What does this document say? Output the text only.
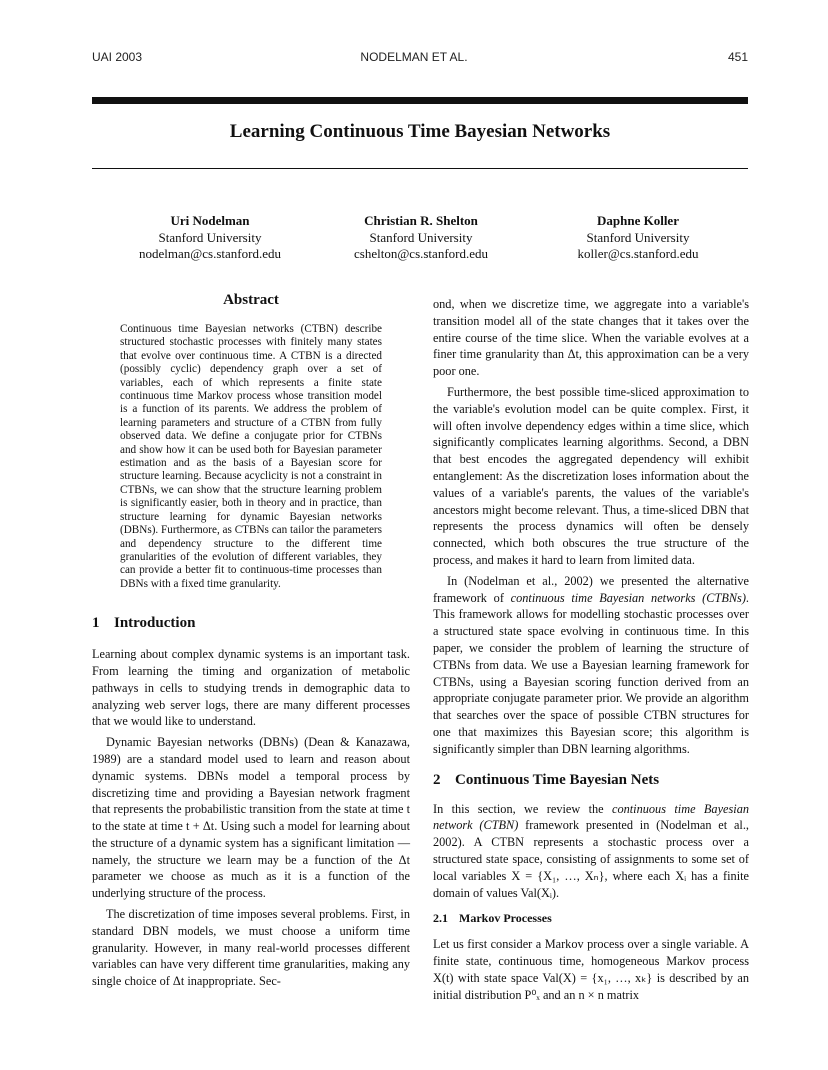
UAI 2003	NODELMAN ET AL.	451
Learning Continuous Time Bayesian Networks
Uri Nodelman
Stanford University
nodelman@cs.stanford.edu
Christian R. Shelton
Stanford University
cshelton@cs.stanford.edu
Daphne Koller
Stanford University
koller@cs.stanford.edu
Abstract

Continuous time Bayesian networks (CTBN) describe structured stochastic processes with finitely many states that evolve over continuous time. A CTBN is a directed (possibly cyclic) dependency graph over a set of variables, each of which represents a finite state continuous time Markov process whose transition model is a function of its parents. We address the problem of learning parameters and structure of a CTBN from fully observed data. We define a conjugate prior for CTBNs and show how it can be used both for Bayesian parameter estimation and as the basis of a Bayesian score for structure learning. Because acyclicity is not a constraint in CTBNs, we can show that the structure learning problem is significantly easier, both in theory and in practice, than structure learning for dynamic Bayesian networks (DBNs). Furthermore, as CTBNs can tailor the parameters and dependency structure to the different time granularities of the evolution of different variables, they can provide a better fit to continuous-time processes than DBNs with a fixed time granularity.

1 Introduction

Learning about complex dynamic systems is an important task. From learning the timing and organization of metabolic pathways in cells to studying trends in demographic data to analyzing web server logs, there are many different processes that we would like to understand.

Dynamic Bayesian networks (DBNs) (Dean & Kanazawa, 1989) are a standard model used to learn and reason about dynamic systems. DBNs model a temporal process by discretizing time and providing a Bayesian network fragment that represents the probabilistic transition from the state at time t to the state at time t + Δt. Using such a model for learning about the structure of a dynamic system has a significant limitation — namely, the structure we learn may be a function of the Δt parameter we choose as much as it is a function of the underlying structure of the process.

The discretization of time imposes several problems. First, in standard DBN models, we must choose a uniform time granularity. However, in many real-world processes different variables can have very different time granularities, making any single choice of Δt inappropriate. Sec-

ond, when we discretize time, we aggregate into a variable's transition model all of the state changes that it takes over the entire course of the time slice. When the variable evolves at a finer time granularity than Δt, this approximation can be a very poor one.

Furthermore, the best possible time-sliced approximation to the variable's evolution model can be quite complex. First, it will often involve dependency edges within a time slice, which significantly complicates learning algorithms. Second, a DBN that best encodes the aggregated dependency will exhibit entanglement: As the discretization loses information about the values of a variable's parents, the values of the variable's ancestors might become relevant. Thus, a time-sliced DBN that represents the process dynamics will often be densely connected, which both obscures the true structure of the process, and makes it hard to learn from limited data.

In (Nodelman et al., 2002) we presented the alternative framework of continuous time Bayesian networks (CTBNs). This framework allows for modelling stochastic processes over a structured state space evolving in continuous time. In this paper, we consider the problem of learning the structure of CTBNs from data. We use a Bayesian learning framework for CTBNs, using a Bayesian scoring function derived from an appropriate conjugate parameter prior. We provide an algorithm that searches over the space of possible CTBN structures for one that maximizes this Bayesian score; this algorithm is significantly simpler than DBN learning algorithms.

2 Continuous Time Bayesian Nets

In this section, we review the continuous time Bayesian network (CTBN) framework presented in (Nodelman et al., 2002). A CTBN represents a stochastic process over a structured state space, consisting of assignments to some set of local variables X = {X₁, …, Xₙ}, where each Xᵢ has a finite domain of values Val(Xᵢ).

2.1 Markov Processes

Let us first consider a Markov process over a single variable. A finite state, continuous time, homogeneous Markov process X(t) with state space Val(X) = {x₁, …, xₖ} is described by an initial distribution P⁰ₓ and an n × n matrix
